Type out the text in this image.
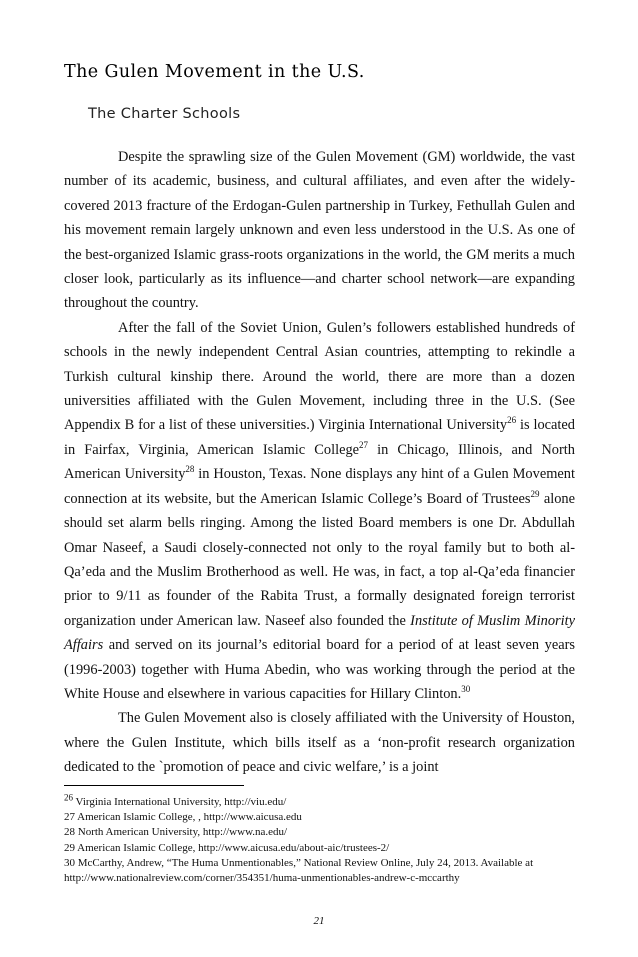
The Gulen Movement in the U.S.
The Charter Schools

Despite the sprawling size of the Gulen Movement (GM) worldwide, the vast number of its academic, business, and cultural affiliates, and even after the widely-covered 2013 fracture of the Erdogan-Gulen partnership in Turkey, Fethullah Gulen and his movement remain largely unknown and even less understood in the U.S. As one of the best-organized Islamic grass-roots organizations in the world, the GM merits a much closer look, particularly as its influence—and charter school network—are expanding throughout the country.

After the fall of the Soviet Union, Gulen’s followers established hundreds of schools in the newly independent Central Asian countries, attempting to rekindle a Turkish cultural kinship there. Around the world, there are more than a dozen universities affiliated with the Gulen Movement, including three in the U.S. (See Appendix B for a list of these universities.) Virginia International University$^{26}$ is located in Fairfax, Virginia, American Islamic College$^{27}$ in Chicago, Illinois, and North American University$^{28}$ in Houston, Texas. None displays any hint of a Gulen Movement connection at its website, but the American Islamic College’s Board of Trustees$^{29}$ alone should set alarm bells ringing. Among the listed Board members is one Dr. Abdullah Omar Naseef, a Saudi closely-connected not only to the royal family but to both al-Qa’eda and the Muslim Brotherhood as well. He was, in fact, a top al-Qa’eda financier prior to 9/11 as founder of the Rabita Trust, a formally designated foreign terrorist organization under American law. Naseef also founded the Institute of Muslim Minority Affairs and served on its journal’s editorial board for a period of at least seven years (1996-2003) together with Huma Abedin, who was working through the period at the White House and elsewhere in various capacities for Hillary Clinton.$^{30}$

The Gulen Movement also is closely affiliated with the University of Houston, where the Gulen Institute, which bills itself as a ‘non-profit research organization dedicated to the `promotion of peace and civic welfare,’ is a joint

$^{26}$ Virginia International University, http://viu.edu/
27 American Islamic College, , http://www.aicusa.edu
28 North American University, http://www.na.edu/
29 American Islamic College, http://www.aicusa.edu/about-aic/trustees-2/
30 McCarthy, Andrew, “The Huma Unmentionables,” National Review Online, July 24, 2013. Available at http://www.nationalreview.com/corner/354351/huma-unmentionables-andrew-c-mccarthy
21
